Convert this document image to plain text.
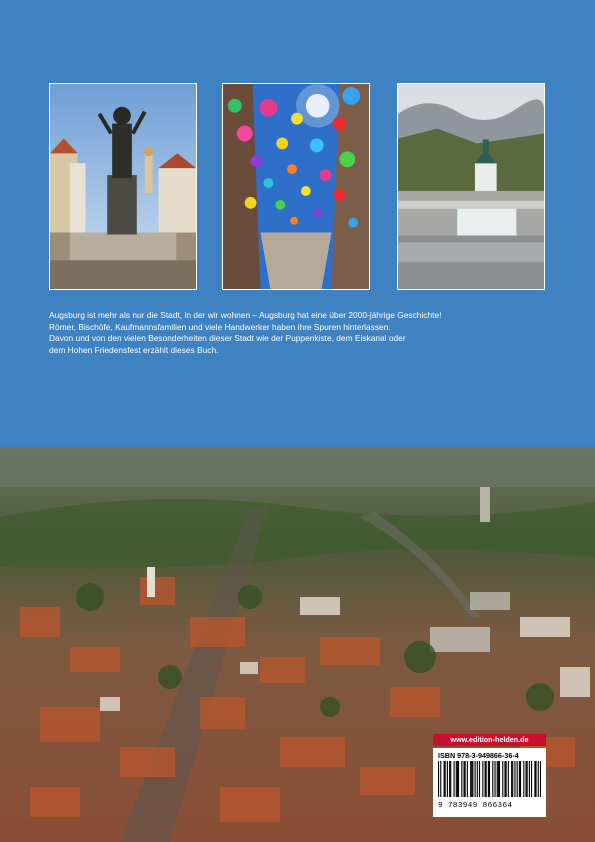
Augsburg ist mehr als nur die Stadt, in der wir wohnen – Augsburg hat eine über 2000-jährige Geschichte!

Römer, Bischöfe, Kaufmannsfamilien und viele Handwerker haben ihre Spuren hinterlassen.

Davon und von den vielen Besonderheiten dieser Stadt wie der Puppenkiste, dem Eiskanal oder

dem Hohen Friedensfest erzählt dieses Buch.

www.edition-helden.de
ISBN 978-3-949866-36-4
9 783949 866364
